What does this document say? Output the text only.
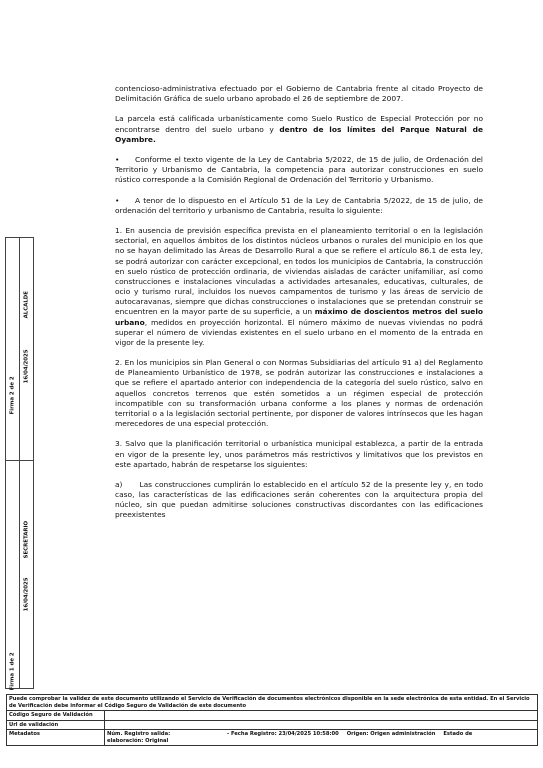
Firma 2 de 2
Firma 1 de 2
ALCALDE
16/04/2025
SECRETARIO
16/04/2025

contencioso-administrativa efectuado por el Gobierno de Cantabria frente al citado Proyecto de Delimitación Gráfica de suelo urbano aprobado el 26 de septiembre de 2007.

La parcela está calificada urbanísticamente como Suelo Rustico de Especial Protección por no encontrarse dentro del suelo urbano y dentro de los límites del Parque Natural de Oyambre.

• Conforme el texto vigente de la Ley de Cantabria 5/2022, de 15 de julio, de Ordenación del Territorio y Urbanismo de Cantabria, la competencia para autorizar construcciones en suelo rústico corresponde a la Comisión Regional de Ordenación del Territorio y Urbanismo.

• A tenor de lo dispuesto en el Artículo 51 de la Ley de Cantabria 5/2022, de 15 de julio, de ordenación del territorio y urbanismo de Cantabria, resulta lo siguiente:

1. En ausencia de previsión específica prevista en el planeamiento territorial o en la legislación sectorial, en aquellos ámbitos de los distintos núcleos urbanos o rurales del municipio en los que no se hayan delimitado las Áreas de Desarrollo Rural a que se refiere el artículo 86.1 de esta ley, se podrá autorizar con carácter excepcional, en todos los municipios de Cantabria, la construcción en suelo rústico de protección ordinaria, de viviendas aisladas de carácter unifamiliar, así como construcciones e instalaciones vinculadas a actividades artesanales, educativas, culturales, de ocio y turismo rural, incluidos los nuevos campamentos de turismo y las áreas de servicio de autocaravanas, siempre que dichas construcciones o instalaciones que se pretendan construir se encuentren en la mayor parte de su superficie, a un máximo de doscientos metros del suelo urbano, medidos en proyección horizontal. El número máximo de nuevas viviendas no podrá superar el número de viviendas existentes en el suelo urbano en el momento de la entrada en vigor de la presente ley.

2. En los municipios sin Plan General o con Normas Subsidiarias del artículo 91 a) del Reglamento de Planeamiento Urbanístico de 1978, se podrán autorizar las construcciones e instalaciones a que se refiere el apartado anterior con independencia de la categoría del suelo rústico, salvo en aquellos concretos terrenos que estén sometidos a un régimen especial de protección incompatible con su transformación urbana conforme a los planes y normas de ordenación territorial o a la legislación sectorial pertinente, por disponer de valores intrínsecos que les hagan merecedores de una especial protección.

3. Salvo que la planificación territorial o urbanística municipal establezca, a partir de la entrada en vigor de la presente ley, unos parámetros más restrictivos y limitativos que los previstos en este apartado, habrán de respetarse los siguientes:

a)      Las construcciones cumplirán lo establecido en el artículo 52 de la presente ley y, en todo caso, las características de las edificaciones serán coherentes con la arquitectura propia del núcleo, sin que puedan admitirse soluciones constructivas discordantes con las edificaciones preexistentes

Puede comprobar la validez de este documento utilizando el Servicio de Verificación de documentos electrónicos disponible en la sede electrónica de esta entidad. En el Servicio de Verificación debe informar el Código Seguro de Validación de este documento
Código Seguro de Validación
Url de validación
Metadatos	Núm. Registro salida:
elaboración: Original
- Fecha Registro: 23/04/2025 10:58:00 Origen: Origen administración Estado de
